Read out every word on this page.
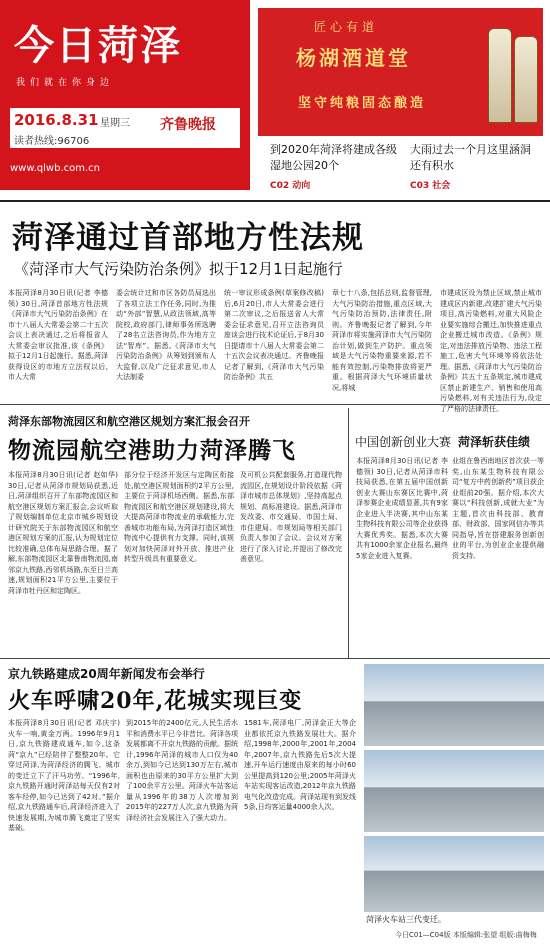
今日菏泽
我们就在你身边
2016.8.31 星期三
读者热线:96706
齐鲁晚报
www.qlwb.com.cn
匠心有道
杨湖酒道堂
坚守纯粮固态酿造
到2020年菏泽将建成各级湿地公园20个
C02 动向
大雨过去一个月这里涵洞还有积水
C03 社会
菏泽通过首部地方性法规
《菏泽市大气污染防治条例》拟于12月1日起施行
本报菏泽8月30日讯(记者 李德领) 30日,菏泽首部地方性法规《菏泽市大气污染防治条例》在市十八届人大常委会第二十五次会议上表决通过,之后将报省人大常委会审议批准,该《条例》拟于12月1日起施行。据悉,菏泽获得设区的市地方立法权以后,市人大常
委会统计过和市区各防员局选出了各项立法工作任务,同时,为推动“外部”智慧,从政法领域,高等院校,政府部门,律师事务所选聘了28名立法咨询员,作为地方立法“智库”。据悉,《菏泽市大气污染防治条例》从筹划到颁布人大监督,以及广泛征求意见,市人大法制委
统一审议形成条例(草案修改稿)后,6月20日,市人大常委会进行第二次审议,之后报送省人大常委会征求意见,召开立法咨询员座谈会进行技术论证后,于8月30日提请市十八届人大常委会第二十五次会议表决通过。齐鲁晚报记者了解到,《菏泽市大气污染防治条例》共五
章七十八条,包括总则,监督管理,大气污染防治措施,重点区域,大气污染防治预防,法律责任,附则。齐鲁晚报记者了解到,今年菏泽市将实施菏泽市大气污染防治计划,做到生产防护。重点领域是大气污染物重要来源,若不能有效控制,污染物排放将更严重。根据菏泽大气环境质量状况,将城
市建成区设为禁止区域,禁止城市建成区内新建,改建扩建大气污染项目,高污染燃料,对重大风险企业要实施综合搬迁,加快推进重点企业搬迁城市改造。《条例》规定,对违法排放污染物、违法工程施工,危害大气环境等将依法处理。据悉,《菏泽市大气污染防治条例》共五十五条规定,城市建成区禁止新建生产、销售和使用高污染燃料,对有关违法行为,设定了严格的法律责任。
菏泽东部物流园区和航空港区规划方案汇报会召开
物流园航空港助力菏泽腾飞
本报菏泽8月30日讯(记者 赵如华) 30日,记者从菏泽市规划局获悉,近日,菏泽组织召开了东部物流园区和航空港区规划方案汇报会,会议听取了规划编制单位北京市城乡规划设计研究院关于东部物流园区和航空港区规划方案的汇报,认为规划定位比较准确,总体布局思路合理。据了解,东部物流园区北靠鲁南物流园,南邻京九铁路,西邻机场路,东至日兰高速,规划面积21平方公里,主要位于菏泽市牡丹区和定陶区。
部分位于经济开发区与定陶区衔接处,航空港区规划面积约2平方公里,主要位于菏泽机场西侧。据悉,东部物流园区和航空港区规划建设,将大大提高菏泽市物流业的承载能力,完善城市功能布局,为菏泽打造区域性物流中心提供有力支撑。同时,该规划对加快菏泽对外开放、推进产业转型升级具有重要意义。
及可机公共配套服务,打造现代物流园区,在规划设计阶段依据《菏泽市城市总体规划》,坚持高起点规划、高标准建设。据悉,菏泽市发改委、市交通局、市国土局、市住建局、市规划局等相关部门负责人参加了会议。会议对方案进行了深入讨论,并提出了修改完善意见。
中国创新创业大赛 菏泽斩获佳绩
本报菏泽8月30日讯(记者 李德领) 30日,记者从菏泽市科技局获悉,在第五届中国创新创业大赛山东赛区比赛中,菏泽参赛企业成绩显著,共有9家企业进入半决赛,其中山东某生物科技有限公司等企业获得大赛优秀奖。据悉,本次大赛共有1000余家企业报名,最终5家企业进入复赛。
业组在鲁西南地区首次获一等奖,山东某生物科技有限公司“复方中药创新药”项目获企业组前20强。据介绍,本次大赛以“科技创新,成就大业”为主题,首次由科技部、教育部、财政部、国家网信办等共同指导,旨在搭建服务创新创业的平台,为创业企业提供融资支持。
京九铁路建成20周年新闻发布会举行
火车呼啸20年,花城实现巨变
本报菏泽8月30日讯(记者 邓庆宇) 火车一响,黄金万两。1996年9月1日,京九铁路建成通车,如今,这条菏“京九”已经陪伴了整整20年。它穿过菏泽,为菏泽经济的腾飞、城市的变迁立下了汗马功劳。“1996年,京九铁路开通时菏泽站每天仅有2对客车经停,如今已达到了42对。”据介绍,京九铁路通车后,菏泽经济进入了快速发展期,为城市腾飞奠定了坚实基础。
到2015年的2400亿元,人民生活水平和消费水平已今非昔比。菏泽各项发展都离不开京九铁路的贡献。据统计,1996年菏泽的城市人口仅为40余万,到如今已达到130万左右,城市面积也由原来的30平方公里扩大到了100余平方公里。菏泽火车站客运量从1996年的38万人次增加到2015年的227万人次,京九铁路为菏泽经济社会发展注入了强大动力。
1581车,菏泽电厂,菏泽金正大等企业都依托京九铁路发展壮大。据介绍,1998年,2000年,2001年,2004年,2007年,京九铁路先后5次大提速,开车运行速度由原来的每小时60公里提高到120公里;2005年菏泽火车站实现客运改造,2012年京九铁路电气化改造完成。菏泽站现有到发线5条,日均客运量4000余人次。
菏泽火车站三代变迁。
今日C01—C04版 本版编辑:张望 组版:曲梅梅
